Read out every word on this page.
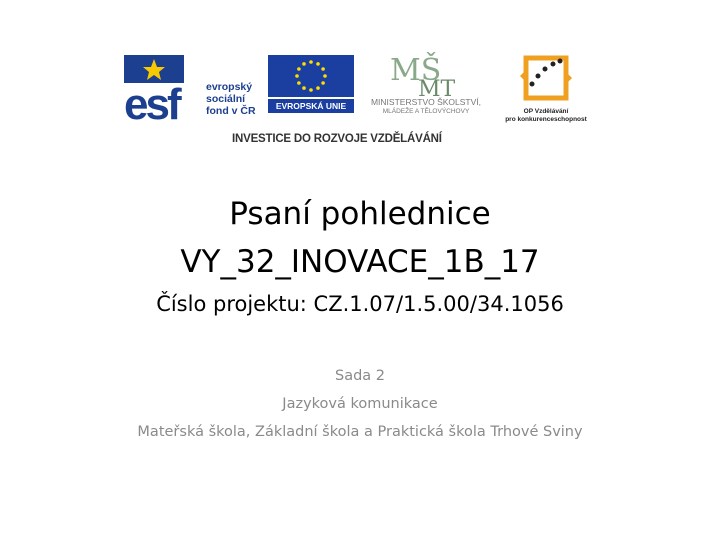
esf	evropský
sociální
fond v ČR	EVROPSKÁ UNIE
MŠ
MT
MINISTERSTVO ŠKOLSTVÍ,
MLÁDEŽE A TĚLOVÝCHOVY	OP Vzdělávání
pro konkurenceschopnost
INVESTICE DO ROZVOJE VZDĚLÁVÁNÍ
Psaní pohlednice
VY_32_INOVACE_1B_17
Číslo projektu: CZ.1.07/1.5.00/34.1056
Sada 2
Jazyková komunikace
Mateřská škola, Základní škola a Praktická škola Trhové Sviny
